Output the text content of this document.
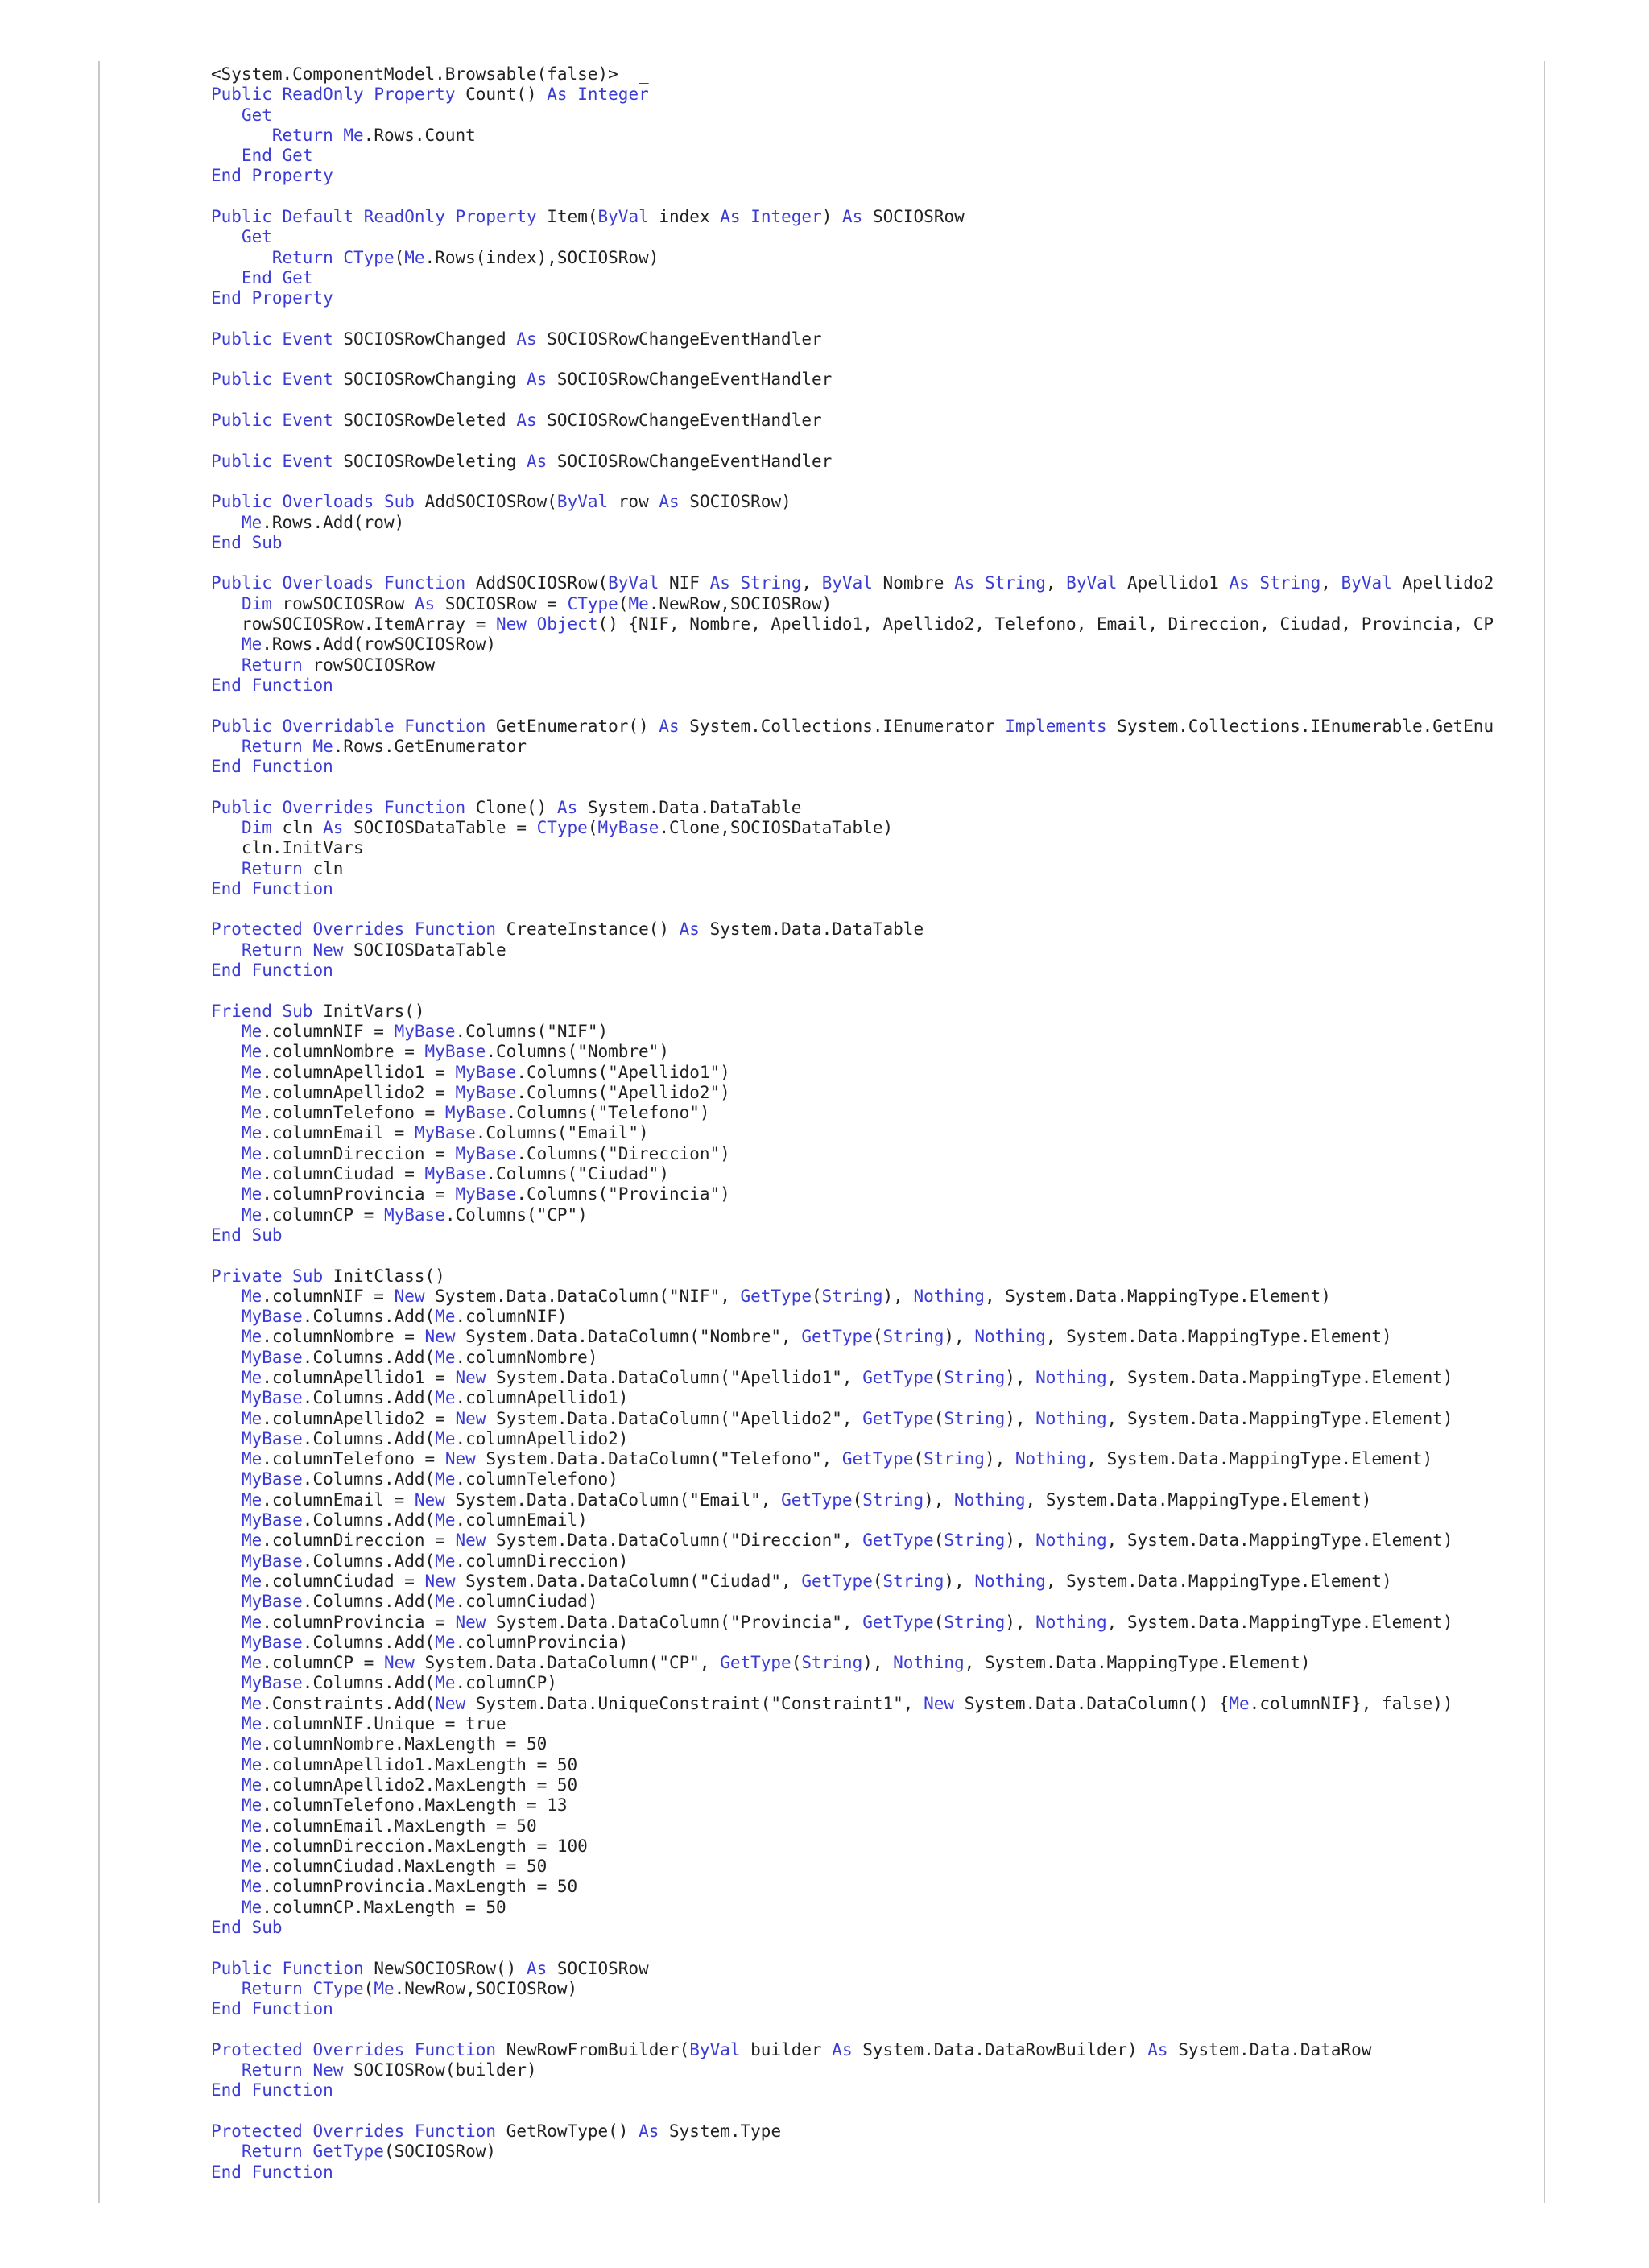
<System.ComponentModel.Browsable(false)>  _
Public ReadOnly Property Count() As Integer
Get
Return Me.Rows.Count
End Get
End Property

Public Default ReadOnly Property Item(ByVal index As Integer) As SOCIOSRow
Get
Return CType(Me.Rows(index),SOCIOSRow)
End Get
End Property

Public Event SOCIOSRowChanged As SOCIOSRowChangeEventHandler

Public Event SOCIOSRowChanging As SOCIOSRowChangeEventHandler

Public Event SOCIOSRowDeleted As SOCIOSRowChangeEventHandler

Public Event SOCIOSRowDeleting As SOCIOSRowChangeEventHandler

Public Overloads Sub AddSOCIOSRow(ByVal row As SOCIOSRow)
Me.Rows.Add(row)
End Sub

Public Overloads Function AddSOCIOSRow(ByVal NIF As String, ByVal Nombre As String, ByVal Apellido1 As String, ByVal Apellido2
Dim rowSOCIOSRow As SOCIOSRow = CType(Me.NewRow,SOCIOSRow)
rowSOCIOSRow.ItemArray = New Object() {NIF, Nombre, Apellido1, Apellido2, Telefono, Email, Direccion, Ciudad, Provincia, CP
Me.Rows.Add(rowSOCIOSRow)
Return rowSOCIOSRow
End Function

Public Overridable Function GetEnumerator() As System.Collections.IEnumerator Implements System.Collections.IEnumerable.GetEnu
Return Me.Rows.GetEnumerator
End Function

Public Overrides Function Clone() As System.Data.DataTable
Dim cln As SOCIOSDataTable = CType(MyBase.Clone,SOCIOSDataTable)
cln.InitVars
Return cln
End Function

Protected Overrides Function CreateInstance() As System.Data.DataTable
Return New SOCIOSDataTable
End Function

Friend Sub InitVars()
Me.columnNIF = MyBase.Columns("NIF")
Me.columnNombre = MyBase.Columns("Nombre")
Me.columnApellido1 = MyBase.Columns("Apellido1")
Me.columnApellido2 = MyBase.Columns("Apellido2")
Me.columnTelefono = MyBase.Columns("Telefono")
Me.columnEmail = MyBase.Columns("Email")
Me.columnDireccion = MyBase.Columns("Direccion")
Me.columnCiudad = MyBase.Columns("Ciudad")
Me.columnProvincia = MyBase.Columns("Provincia")
Me.columnCP = MyBase.Columns("CP")
End Sub

Private Sub InitClass()
Me.columnNIF = New System.Data.DataColumn("NIF", GetType(String), Nothing, System.Data.MappingType.Element)
MyBase.Columns.Add(Me.columnNIF)
Me.columnNombre = New System.Data.DataColumn("Nombre", GetType(String), Nothing, System.Data.MappingType.Element)
MyBase.Columns.Add(Me.columnNombre)
Me.columnApellido1 = New System.Data.DataColumn("Apellido1", GetType(String), Nothing, System.Data.MappingType.Element)
MyBase.Columns.Add(Me.columnApellido1)
Me.columnApellido2 = New System.Data.DataColumn("Apellido2", GetType(String), Nothing, System.Data.MappingType.Element)
MyBase.Columns.Add(Me.columnApellido2)
Me.columnTelefono = New System.Data.DataColumn("Telefono", GetType(String), Nothing, System.Data.MappingType.Element)
MyBase.Columns.Add(Me.columnTelefono)
Me.columnEmail = New System.Data.DataColumn("Email", GetType(String), Nothing, System.Data.MappingType.Element)
MyBase.Columns.Add(Me.columnEmail)
Me.columnDireccion = New System.Data.DataColumn("Direccion", GetType(String), Nothing, System.Data.MappingType.Element)
MyBase.Columns.Add(Me.columnDireccion)
Me.columnCiudad = New System.Data.DataColumn("Ciudad", GetType(String), Nothing, System.Data.MappingType.Element)
MyBase.Columns.Add(Me.columnCiudad)
Me.columnProvincia = New System.Data.DataColumn("Provincia", GetType(String), Nothing, System.Data.MappingType.Element)
MyBase.Columns.Add(Me.columnProvincia)
Me.columnCP = New System.Data.DataColumn("CP", GetType(String), Nothing, System.Data.MappingType.Element)
MyBase.Columns.Add(Me.columnCP)
Me.Constraints.Add(New System.Data.UniqueConstraint("Constraint1", New System.Data.DataColumn() {Me.columnNIF}, false))
Me.columnNIF.Unique = true
Me.columnNombre.MaxLength = 50
Me.columnApellido1.MaxLength = 50
Me.columnApellido2.MaxLength = 50
Me.columnTelefono.MaxLength = 13
Me.columnEmail.MaxLength = 50
Me.columnDireccion.MaxLength = 100
Me.columnCiudad.MaxLength = 50
Me.columnProvincia.MaxLength = 50
Me.columnCP.MaxLength = 50
End Sub

Public Function NewSOCIOSRow() As SOCIOSRow
Return CType(Me.NewRow,SOCIOSRow)
End Function

Protected Overrides Function NewRowFromBuilder(ByVal builder As System.Data.DataRowBuilder) As System.Data.DataRow
Return New SOCIOSRow(builder)
End Function

Protected Overrides Function GetRowType() As System.Type
Return GetType(SOCIOSRow)
End Function
